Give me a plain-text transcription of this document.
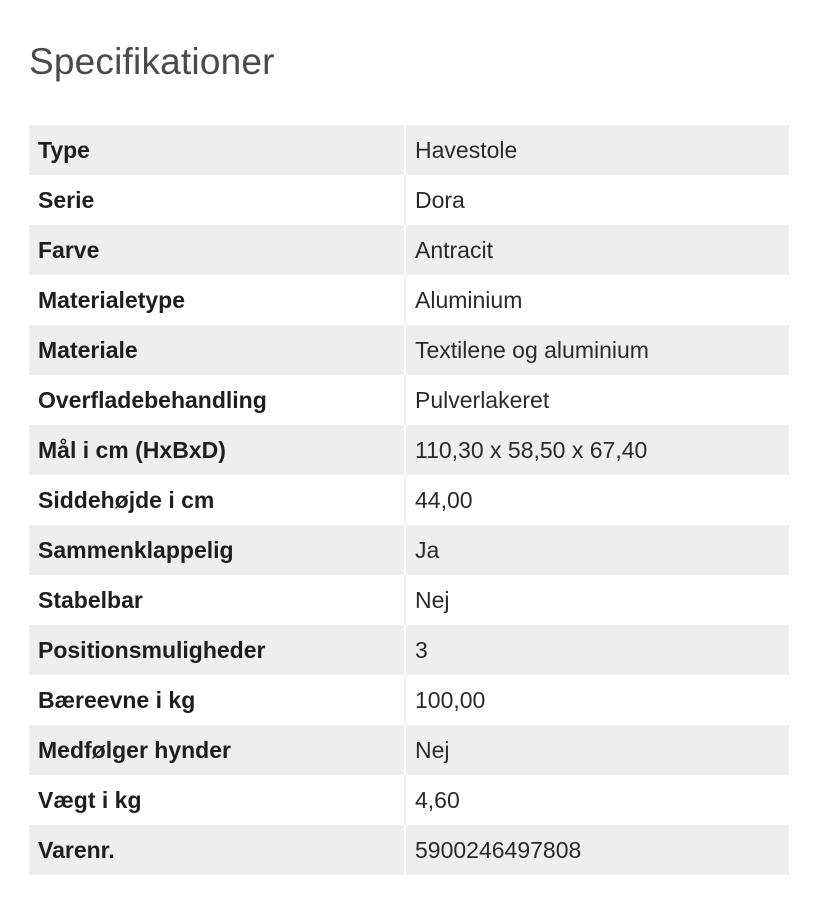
Specifikationer
Type	Havestole
Serie	Dora
Farve	Antracit
Materialetype	Aluminium
Materiale	Textilene og aluminium
Overfladebehandling	Pulverlakeret
Mål i cm (HxBxD)	110,30 x 58,50 x 67,40
Siddehøjde i cm	44,00
Sammenklappelig	Ja
Stabelbar	Nej
Positionsmuligheder	3
Bæreevne i kg	100,00
Medfølger hynder	Nej
Vægt i kg	4,60
Varenr.	5900246497808
